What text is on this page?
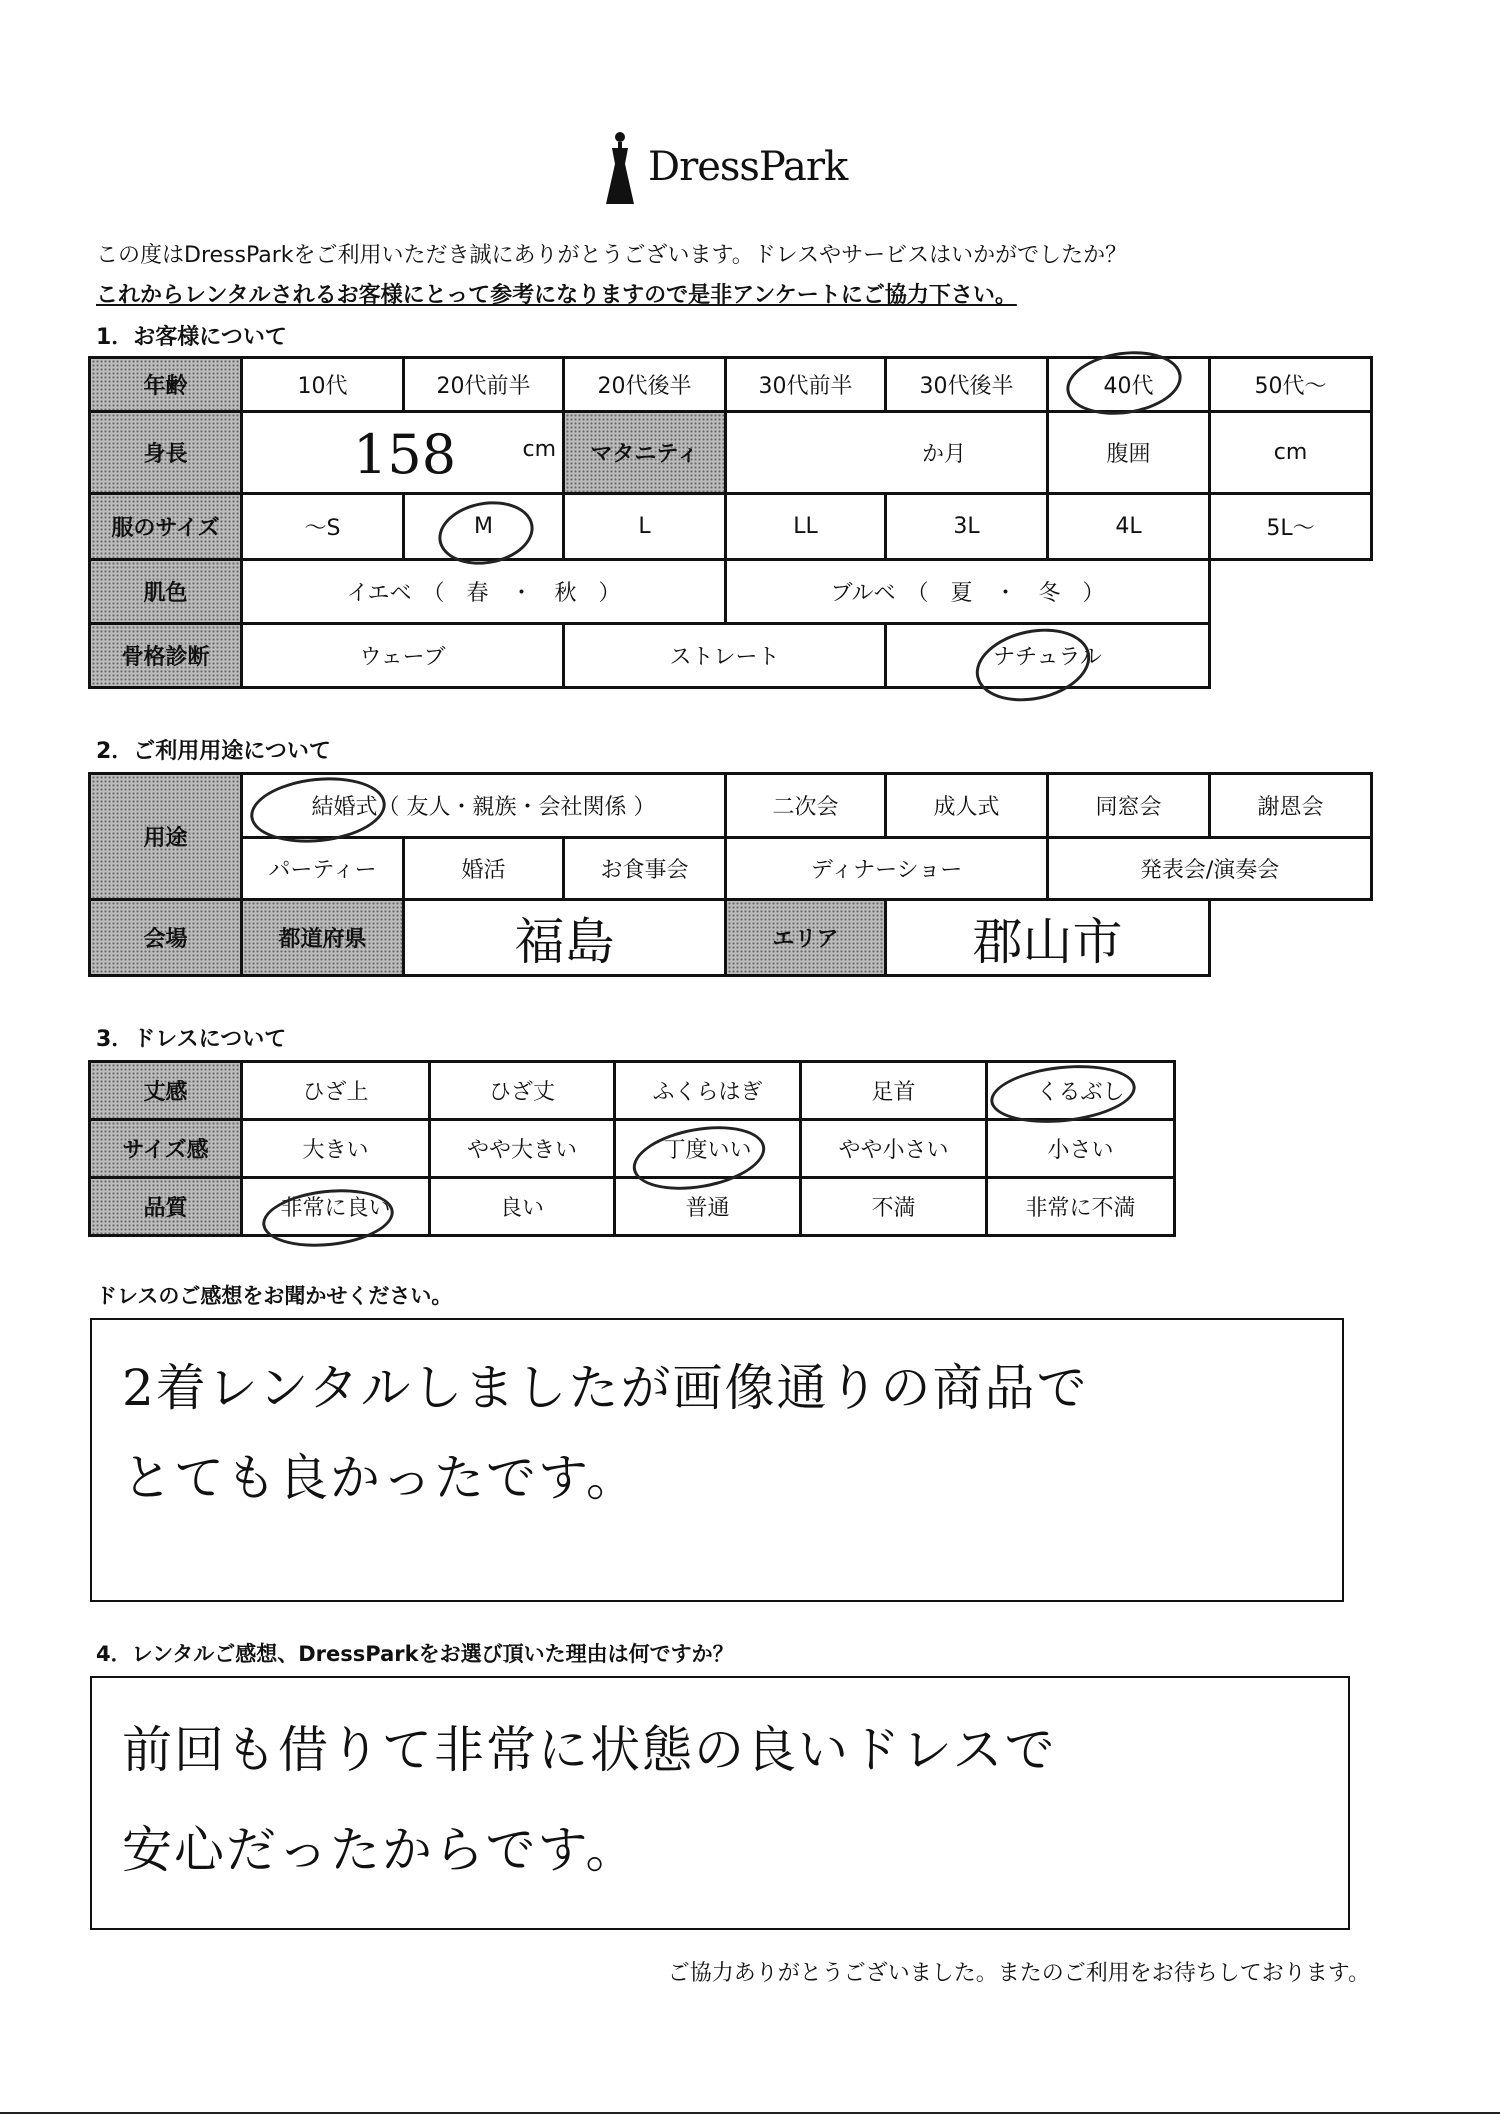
DressPark
この度はDressParkをご利用いただき誠にありがとうございます。ドレスやサービスはいかがでしたか？
これからレンタルされるお客様にとって参考になりますので是非アンケートにご協力下さい。
1．お客様について
年齢	10代	20代前半	20代後半	30代前半	30代後半	40代	50代～
身長	158 cm		マタニティ	か月		腹囲	cm
服のサイズ	～S	M	L	LL	3L	4L	5L～
肌色	イエベ　（　春　・　秋　）			ブルベ　（　夏　・　冬　）			
骨格診断	ウェーブ		ストレート		ナチュラル		
2．ご利用用途について
用途	結婚式（ 友人・親族・会社関係 ）			二次会	成人式	同窓会	謝恩会
	パーティー	婚活	お食事会	ディナーショー		発表会/演奏会	
会場	都道府県	福島		エリア	郡山市		
3．ドレスについて
丈感	ひざ上	ひざ丈	ふくらはぎ	足首	くるぶし
サイズ感	大きい	やや大きい	丁度いい	やや小さい	小さい
品質	非常に良い	良い	普通	不満	非常に不満
ドレスのご感想をお聞かせください。
2着レンタルしましたが画像通りの商品で
とても良かったです。
4．レンタルご感想、DressParkをお選び頂いた理由は何ですか？
前回も借りて非常に状態の良いドレスで
安心だったからです。
ご協力ありがとうございました。またのご利用をお待ちしております。
